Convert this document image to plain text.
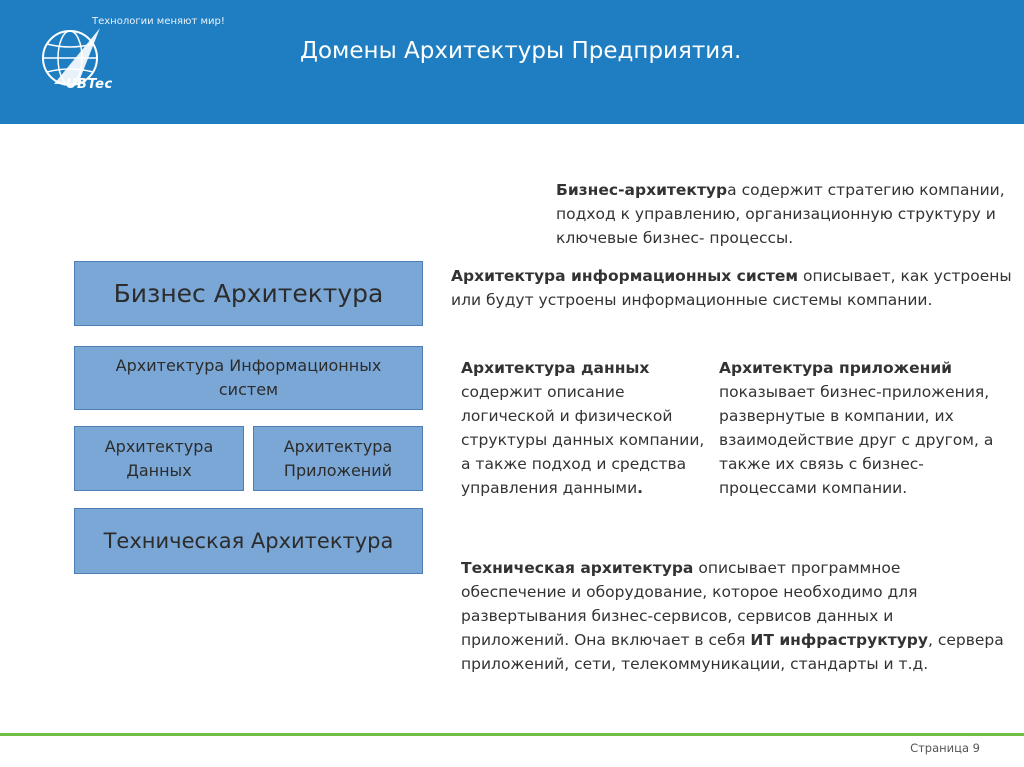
Технологии меняют мир!
UBTec
Домены Архитектуры Предприятия.
Бизнес Архитектура
Архитектура Информационных
систем
Архитектура
Данных
Архитектура
Приложений
Техническая Архитектура
Бизнес-архитектура содержит стратегию компании, подход к управлению, организационную структуру и ключевые бизнес- процессы.
Архитектура информационных систем описывает, как устроены или будут устроены информационные системы компании.
Архитектура данных содержит описание логической и физической структуры данных компании, а также подход и средства управления данными.
Архитектура приложений показывает бизнес-приложения, развернутые в компании, их взаимодействие друг с другом, а также их связь с бизнес- процессами компании.
Техническая архитектура описывает программное обеспечение и оборудование, которое необходимо для развертывания бизнес-сервисов, сервисов данных и приложений. Она включает в себя ИТ инфраструктуру, сервера приложений, сети, телекоммуникации, стандарты и т.д.
Страница 9
